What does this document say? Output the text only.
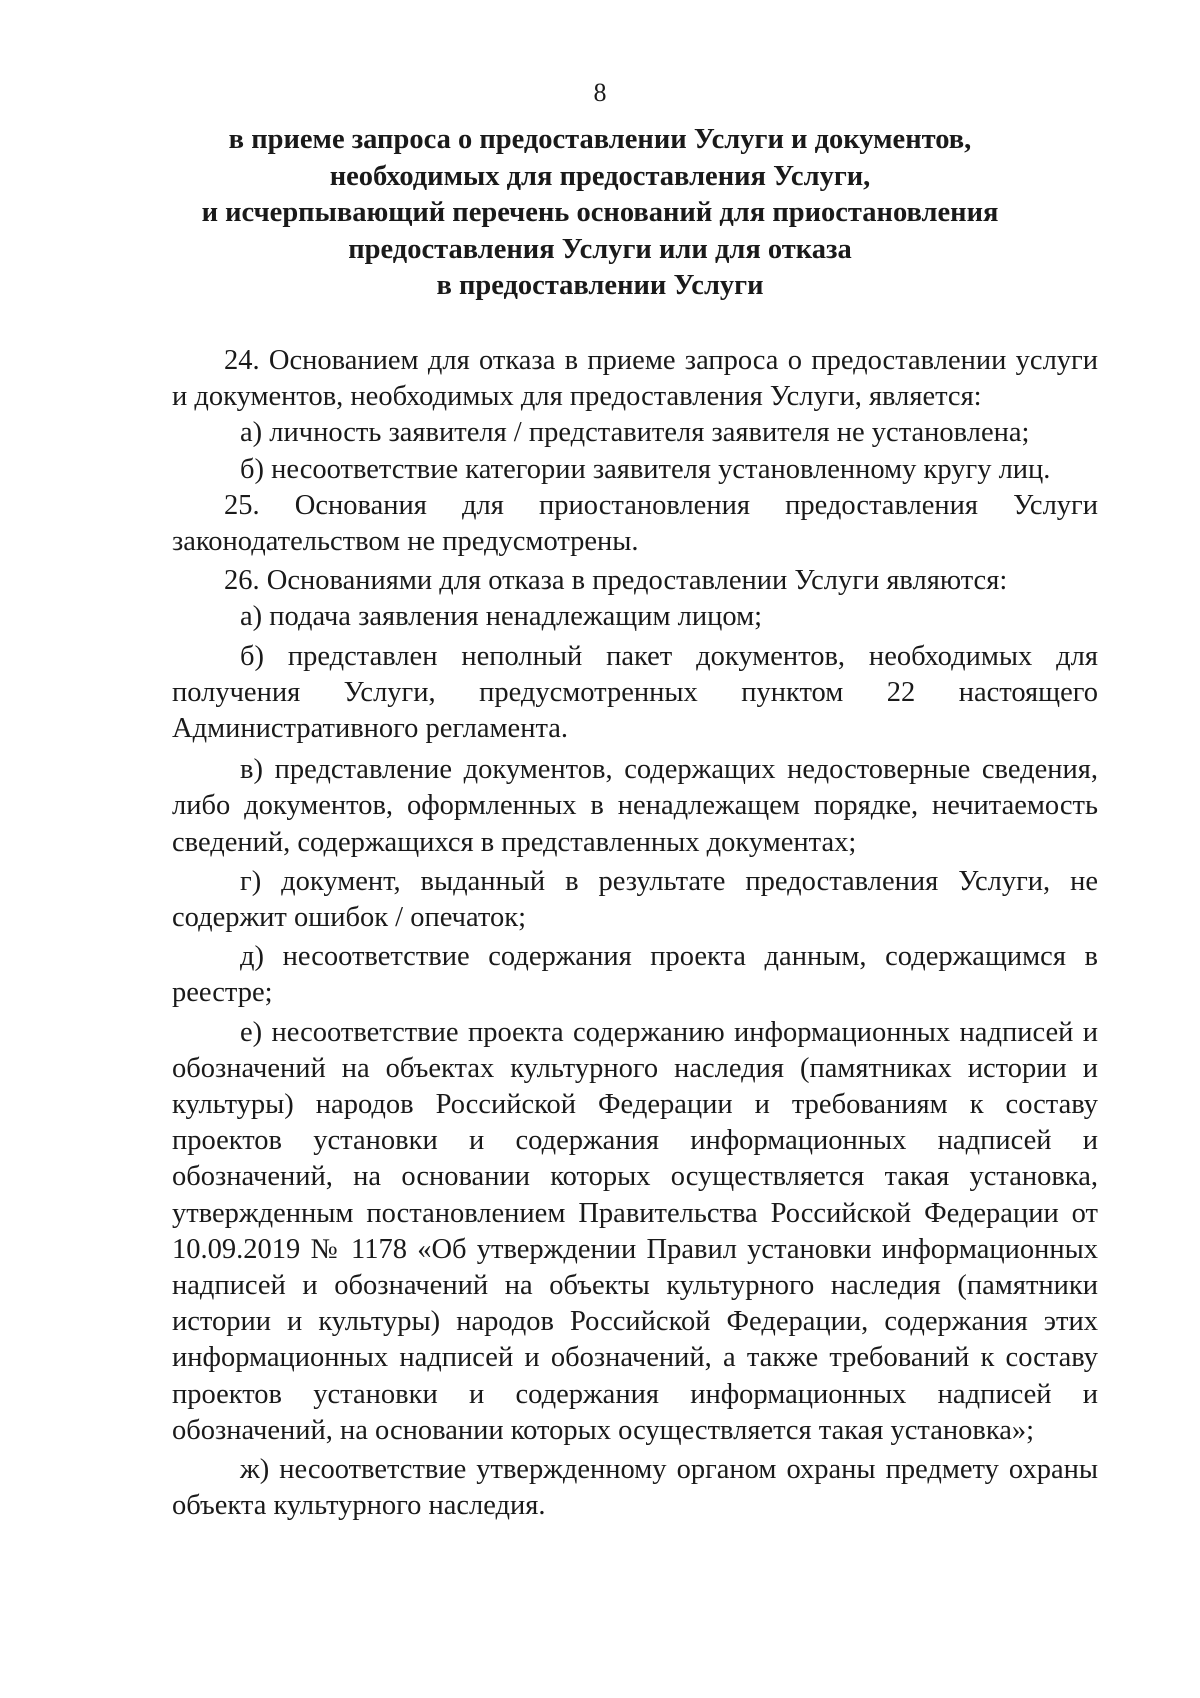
8
в приеме запроса о предоставлении Услуги и документов,
необходимых для предоставления Услуги,
и исчерпывающий перечень оснований для приостановления
предоставления Услуги или для отказа
в предоставлении Услуги

24. Основанием для отказа в приеме запроса о предоставлении услуги и документов, необходимых для предоставления Услуги, является:

а) личность заявителя / представителя заявителя не установлена;

б) несоответствие категории заявителя установленному кругу лиц.

25. Основания для приостановления предоставления Услуги законодательством не предусмотрены.

26. Основаниями для отказа в предоставлении Услуги являются:

а) подача заявления ненадлежащим лицом;

б) представлен неполный пакет документов, необходимых для получения Услуги, предусмотренных пунктом 22 настоящего Административного регламента.

в) представление документов, содержащих недостоверные сведения, либо документов, оформленных в ненадлежащем порядке, нечитаемость сведений, содержащихся в представленных документах;

г) документ, выданный в результате предоставления Услуги, не содержит ошибок / опечаток;

д) несоответствие содержания проекта данным, содержащимся в реестре;

е) несоответствие проекта содержанию информационных надписей и обозначений на объектах культурного наследия (памятниках истории и культуры) народов Российской Федерации и требованиям к составу проектов установки и содержания информационных надписей и обозначений, на основании которых осуществляется такая установка, утвержденным постановлением Правительства Российской Федерации от 10.09.2019 № 1178 «Об утверждении Правил установки информационных надписей и обозначений на объекты культурного наследия (памятники истории и культуры) народов Российской Федерации, содержания этих информационных надписей и обозначений, а также требований к составу проектов установки и содержания информационных надписей и обозначений, на основании которых осуществляется такая установка»;

ж) несоответствие утвержденному органом охраны предмету охраны объекта культурного наследия.
